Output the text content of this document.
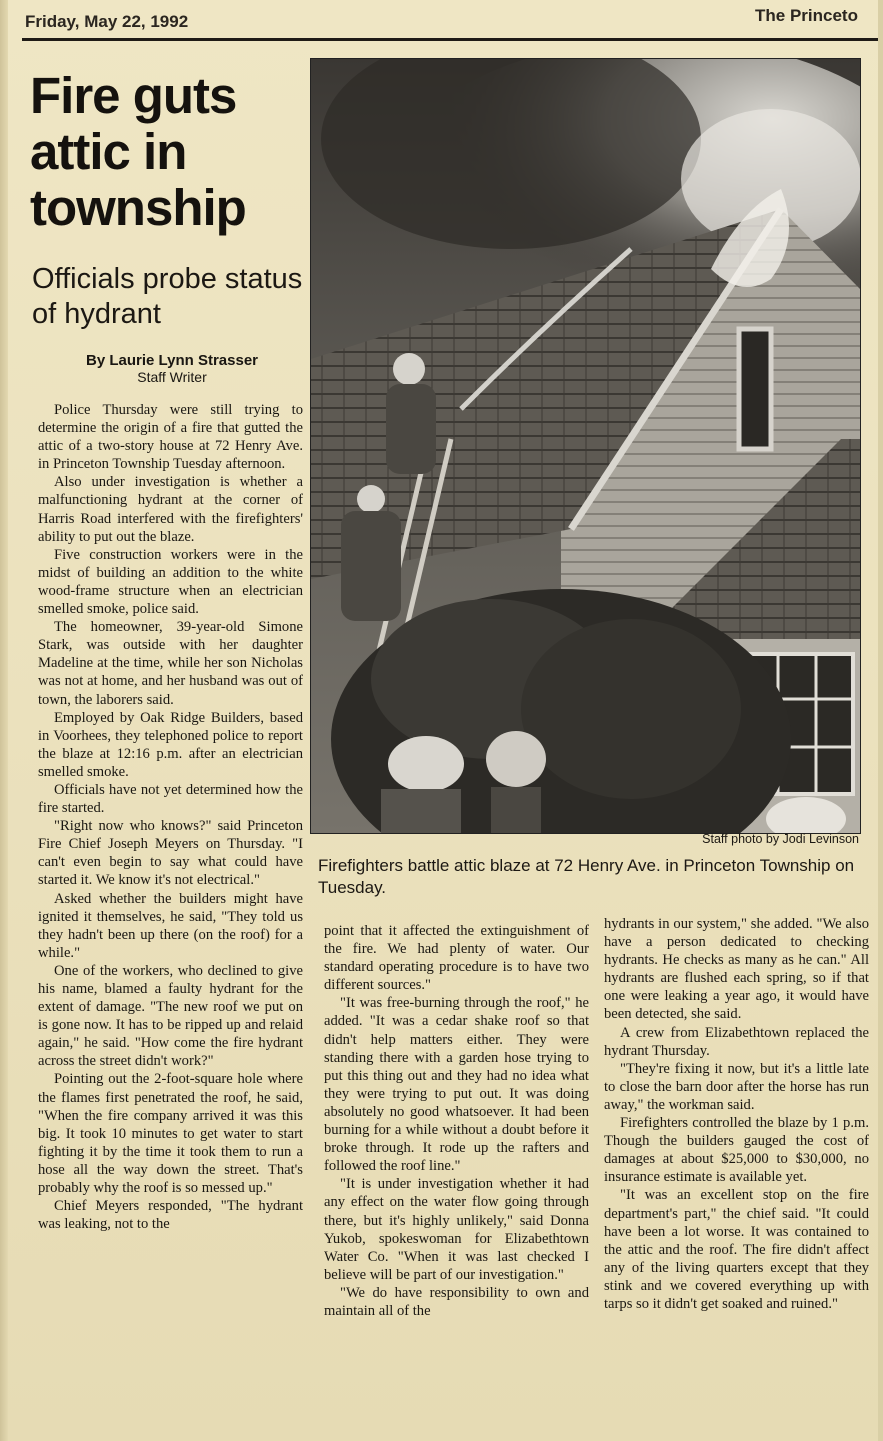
Friday, May 22, 1992	The Princeto
Fire guts attic in township
Officials probe status of hydrant
By Laurie Lynn Strasser
Staff Writer

Police Thursday were still trying to determine the origin of a fire that gutted the attic of a two-story house at 72 Henry Ave. in Princeton Township Tuesday afternoon.

Also under investigation is whether a malfunctioning hydrant at the corner of Harris Road interfered with the firefighters' ability to put out the blaze.

Five construction workers were in the midst of building an addition to the white wood-frame structure when an electrician smelled smoke, police said.

The homeowner, 39-year-old Simone Stark, was outside with her daughter Madeline at the time, while her son Nicholas was not at home, and her husband was out of town, the laborers said.

Employed by Oak Ridge Builders, based in Voorhees, they telephoned police to report the blaze at 12:16 p.m. after an electrician smelled smoke.

Officials have not yet determined how the fire started.

"Right now who knows?" said Princeton Fire Chief Joseph Meyers on Thursday. "I can't even begin to say what could have started it. We know it's not electrical."

Asked whether the builders might have ignited it themselves, he said, "They told us they hadn't been up there (on the roof) for a while."

One of the workers, who declined to give his name, blamed a faulty hydrant for the extent of damage. "The new roof we put on is gone now. It has to be ripped up and relaid again," he said. "How come the fire hydrant across the street didn't work?"

Pointing out the 2-foot-square hole where the flames first penetrated the roof, he said, "When the fire company arrived it was this big. It took 10 minutes to get water to start fighting it by the time it took them to run a hose all the way down the street. That's probably why the roof is so messed up."

Chief Meyers responded, "The hydrant was leaking, not to the

Staff photo by Jodi Levinson
Firefighters battle attic blaze at 72 Henry Ave. in Princeton Township on Tuesday.

point that it affected the extinguishment of the fire. We had plenty of water. Our standard operating procedure is to have two different sources."

"It was free-burning through the roof," he added. "It was a cedar shake roof so that didn't help matters either. They were standing there with a garden hose trying to put this thing out and they had no idea what they were trying to put out. It was doing absolutely no good whatsoever. It had been burning for a while without a doubt before it broke through. It rode up the rafters and followed the roof line."

"It is under investigation whether it had any effect on the water flow going through there, but it's highly unlikely," said Donna Yukob, spokeswoman for Elizabethtown Water Co. "When it was last checked I believe will be part of our investigation."

"We do have responsibility to own and maintain all of the

hydrants in our system," she added. "We also have a person dedicated to checking hydrants. He checks as many as he can." All hydrants are flushed each spring, so if that one were leaking a year ago, it would have been detected, she said.

A crew from Elizabethtown replaced the hydrant Thursday.

"They're fixing it now, but it's a little late to close the barn door after the horse has run away," the workman said.

Firefighters controlled the blaze by 1 p.m. Though the builders gauged the cost of damages at about $25,000 to $30,000, no insurance estimate is available yet.

"It was an excellent stop on the fire department's part," the chief said. "It could have been a lot worse. It was contained to the attic and the roof. The fire didn't affect any of the living quarters except that they stink and we covered everything up with tarps so it didn't get soaked and ruined."
